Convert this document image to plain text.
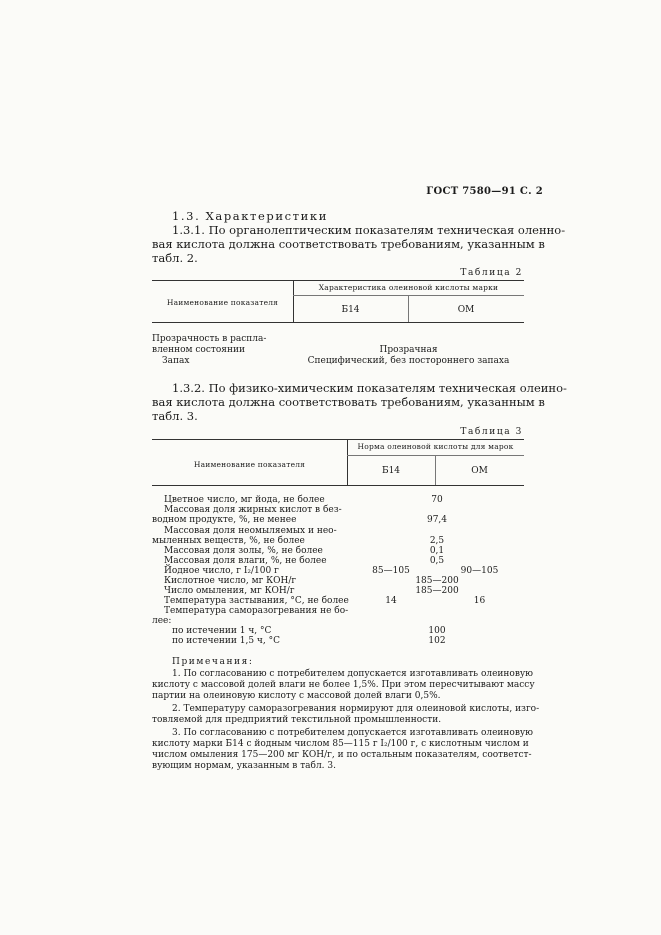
ГОСТ 7580—91 С. 2
1.3. Характеристики
1.3.1. По органолептическим показателям техническая оленно-
вая кислота должна соответствовать требованиям, указанным в
табл. 2.
Таблица 2
Наименование показателя
Характеристика олеиновой кислоты марки
Б14	ОМ
Прозрачность в распла-
вленном состоянии	Прозрачная
Запах	Специфический, без постороннего запаха
1.3.2. По физико-химическим показателям техническая олеино-
вая кислота должна соответствовать требованиям, указанным в
табл. 3.
Таблица 3
Наименование показателя
Норма олеиновой кислоты для марок
Б14	ОМ
Цветное число, мг йода, не более	70
Массовая доля жирных кислот в без-
водном продукте, %, не менее	97,4
Массовая доля неомыляемых и нео-
мыленных веществ, %, не более	2,5
Массовая доля золы, %, не более	0,1
Массовая доля влаги, %, не более	0,5
Йодное число, г I₂/100 г	85—105	90—105
Кислотное число, мг КОН/г	185—200
Число омыления, мг КОН/г	185—200
Температура застывания, °С, не более	14	16
Температура саморазогревания не бо-
лее:
по истечении 1 ч, °С	100
по истечении 1,5 ч, °С	102
Примечания:
1. По согласованию с потребителем допускается изготавливать олеиновую
кислоту с массовой долей влаги не более 1,5%. При этом пересчитывают массу
партии на олеиновую кислоту с массовой долей влаги 0,5%.
2. Температуру саморазогревания нормируют для олеиновой кислоты, изго-
товляемой для предприятий текстильной промышленности.
3. По согласованию с потребителем допускается изготавливать олеиновую
кислоту марки Б14 с йодным числом 85—115 г I₂/100 г, с кислотным числом и
числом омыления 175—200 мг КОН/г, и по остальным показателям, соответст-
вующим нормам, указанным в табл. 3.
